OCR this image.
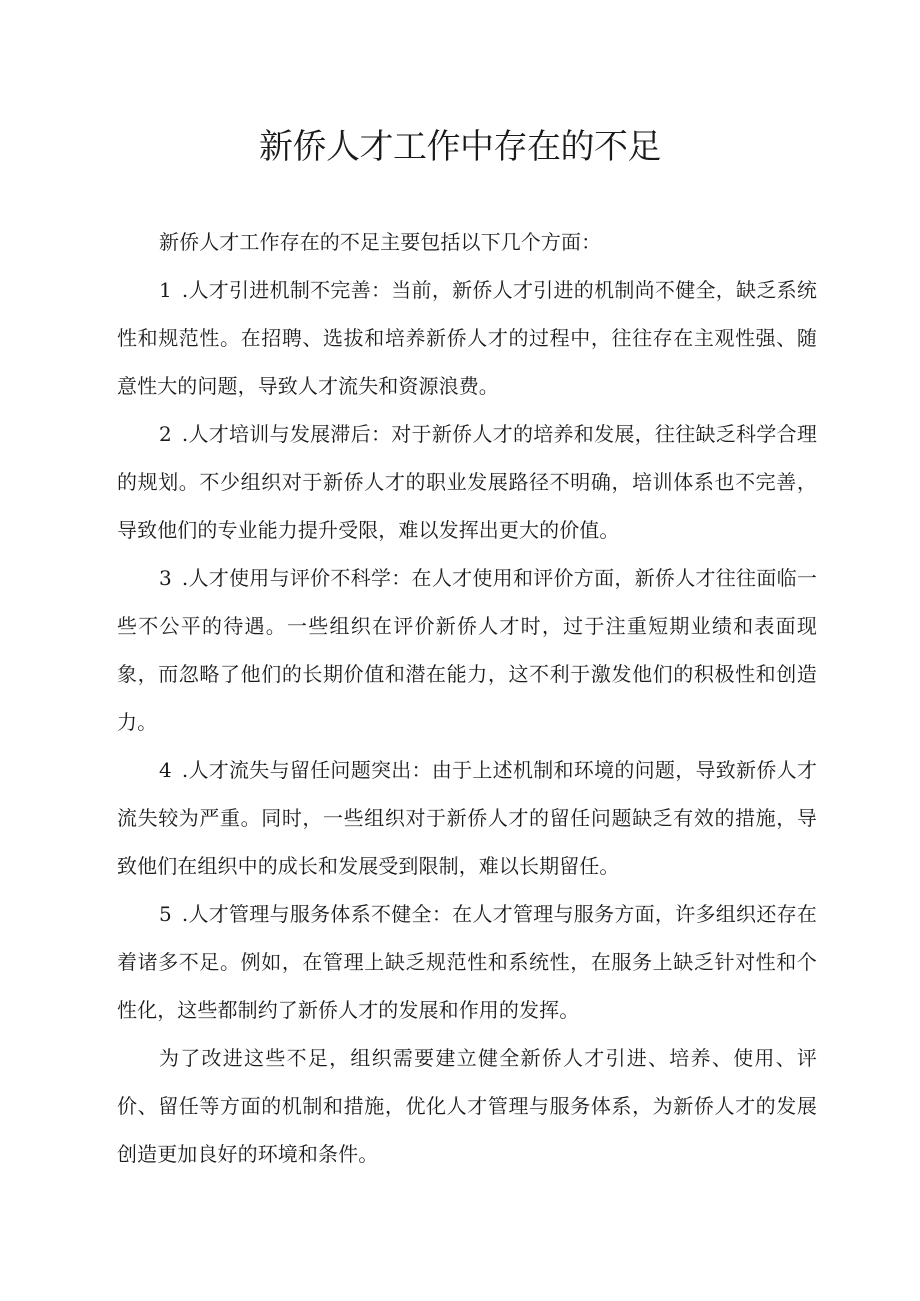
新侨人才工作中存在的不足

新侨人才工作存在的不足主要包括以下几个方面：

1 .人才引进机制不完善：当前，新侨人才引进的机制尚不健全，缺乏系统性和规范性。在招聘、选拔和培养新侨人才的过程中，往往存在主观性强、随意性大的问题，导致人才流失和资源浪费。

2 .人才培训与发展滞后：对于新侨人才的培养和发展，往往缺乏科学合理的规划。不少组织对于新侨人才的职业发展路径不明确，培训体系也不完善，导致他们的专业能力提升受限，难以发挥出更大的价值。

3 .人才使用与评价不科学：在人才使用和评价方面，新侨人才往往面临一些不公平的待遇。一些组织在评价新侨人才时，过于注重短期业绩和表面现象，而忽略了他们的长期价值和潜在能力，这不利于激发他们的积极性和创造力。

4 .人才流失与留任问题突出：由于上述机制和环境的问题，导致新侨人才流失较为严重。同时，一些组织对于新侨人才的留任问题缺乏有效的措施，导致他们在组织中的成长和发展受到限制，难以长期留任。

5 .人才管理与服务体系不健全：在人才管理与服务方面，许多组织还存在着诸多不足。例如，在管理上缺乏规范性和系统性，在服务上缺乏针对性和个性化，这些都制约了新侨人才的发展和作用的发挥。

为了改进这些不足，组织需要建立健全新侨人才引进、培养、使用、评价、留任等方面的机制和措施，优化人才管理与服务体系，为新侨人才的发展创造更加良好的环境和条件。
